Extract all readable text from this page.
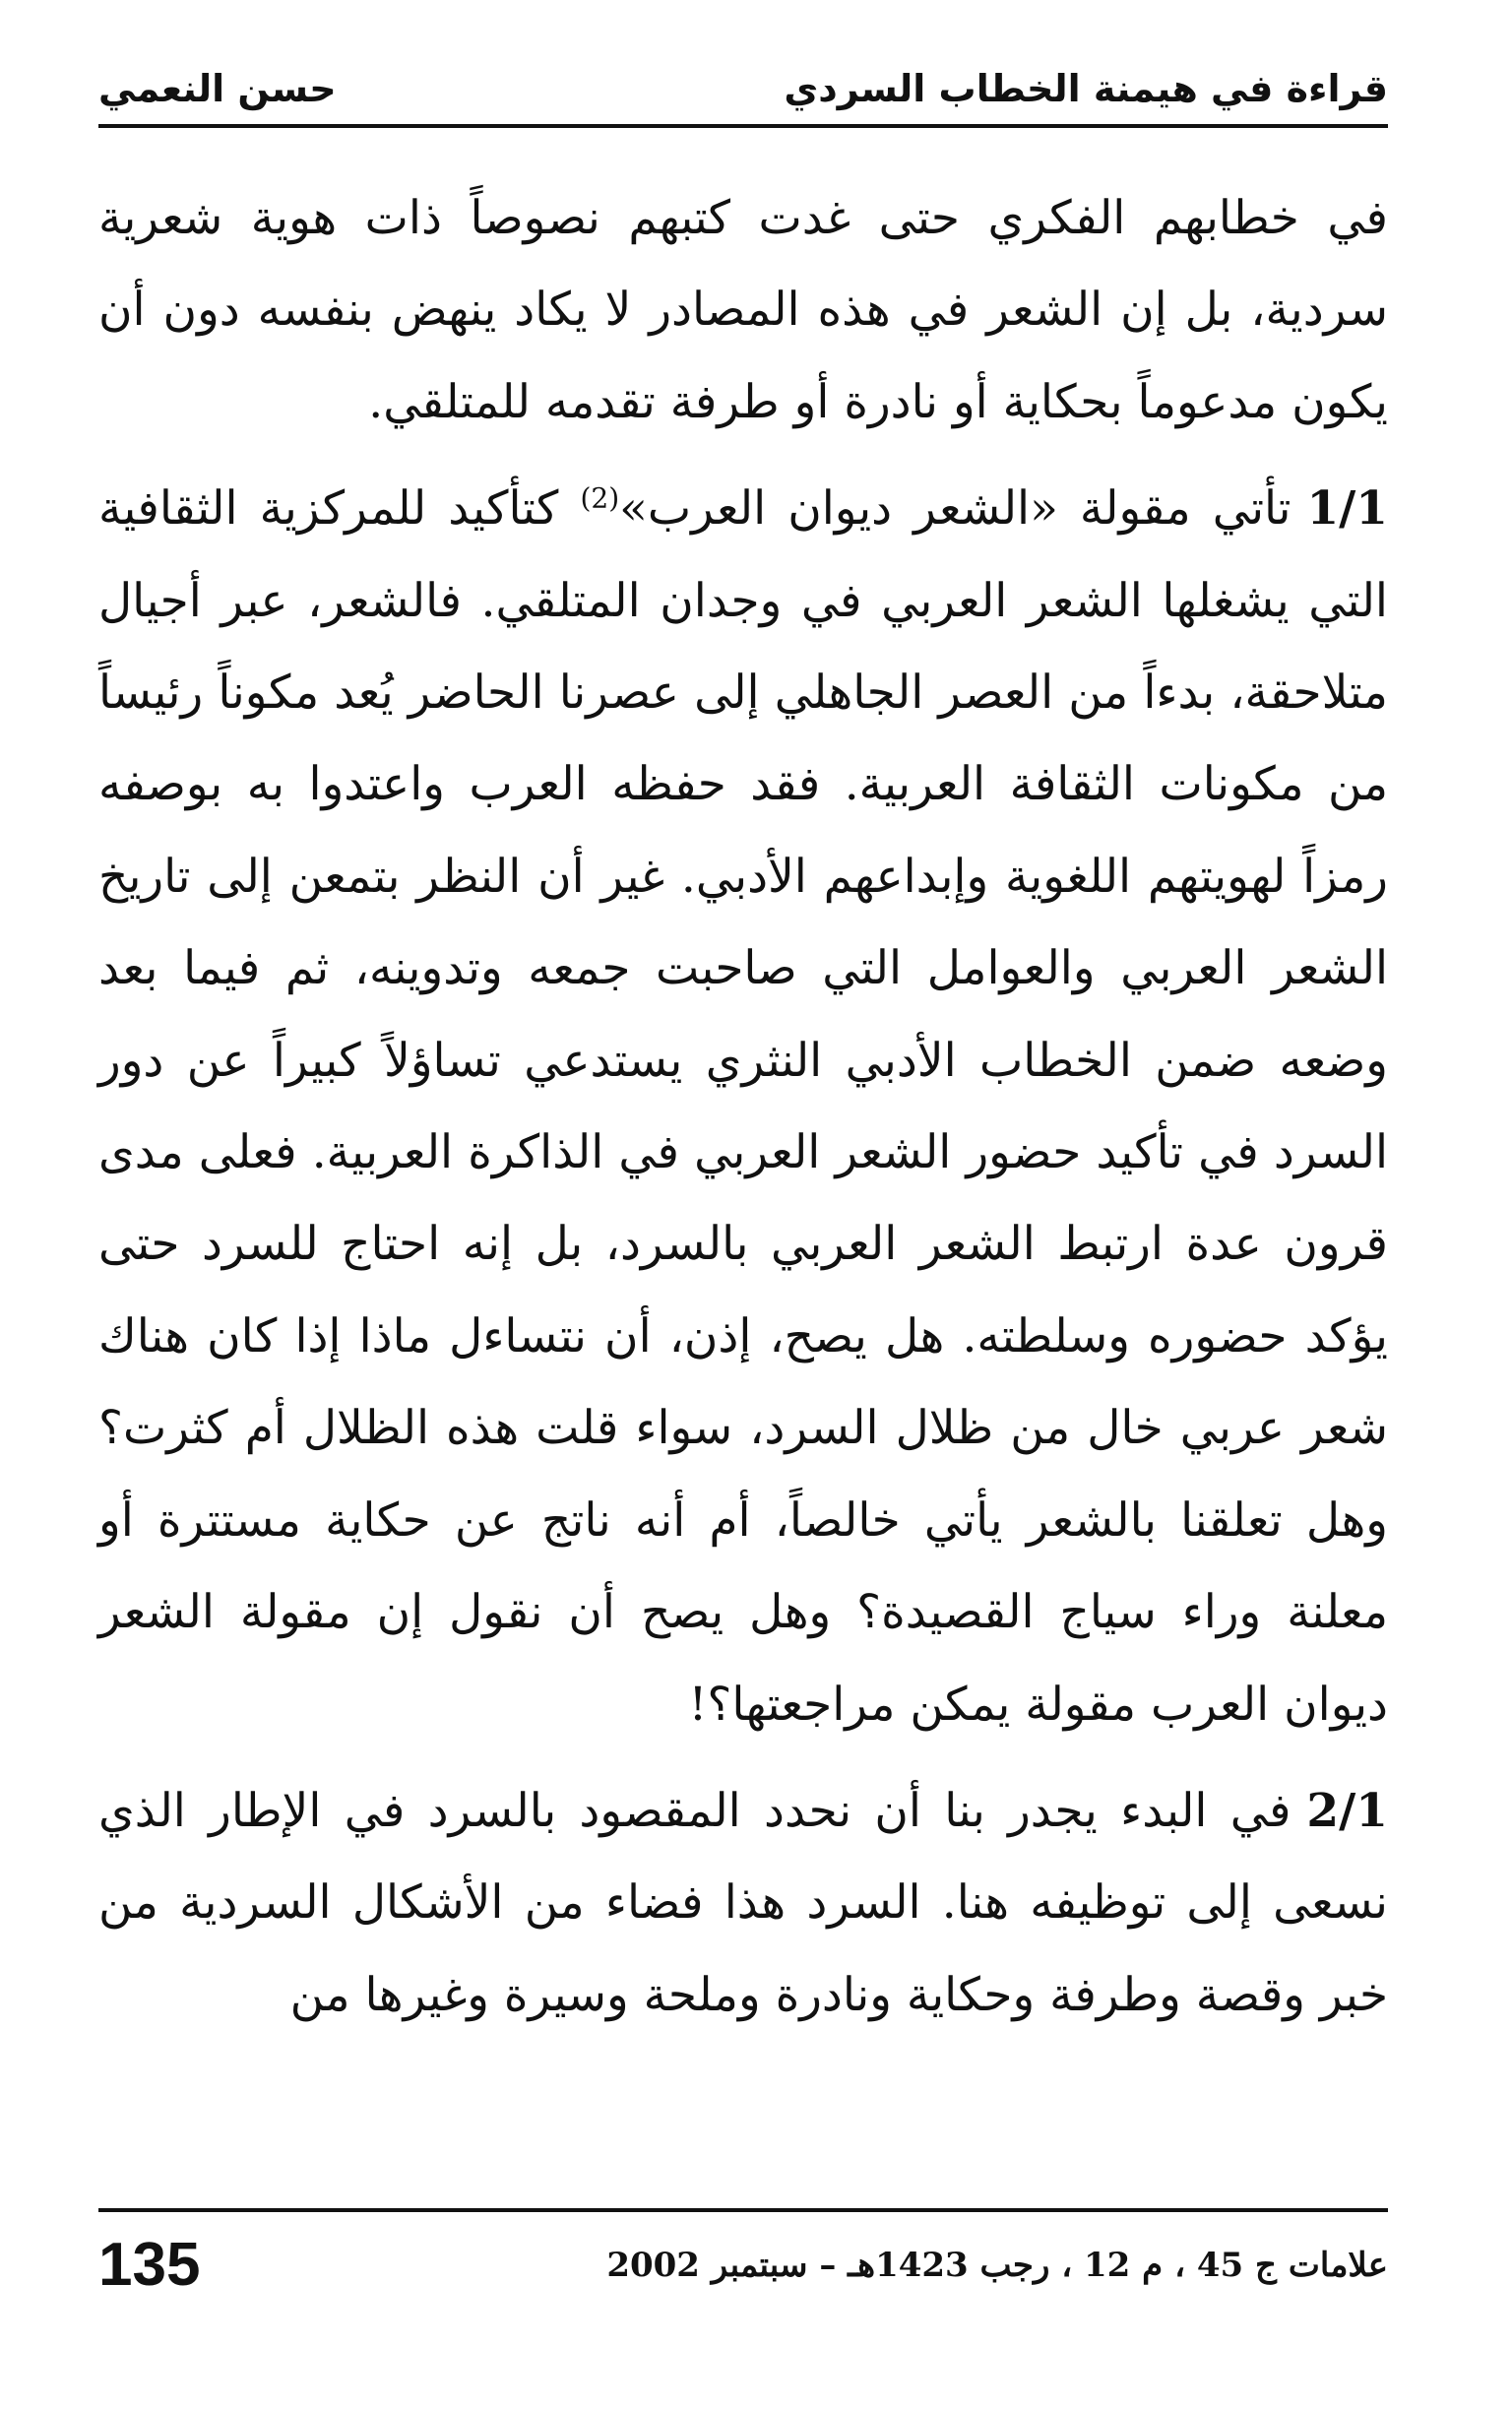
قراءة في هيمنة الخطاب السردي
حسن النعمي

في خطابهم الفكري حتى غدت كتبهم نصوصاً ذات هوية شعرية سردية، بل إن الشعر في هذه المصادر لا يكاد ينهض بنفسه دون أن يكون مدعوماً بحكاية أو نادرة أو طرفة تقدمه للمتلقي.

1/1تأتي مقولة «الشعر ديوان العرب»$^{(2)}$ كتأكيد للمركزية الثقافية التي يشغلها الشعر العربي في وجدان المتلقي. فالشعر، عبر أجيال متلاحقة، بدءاً من العصر الجاهلي إلى عصرنا الحاضر يُعد مكوناً رئيساً من مكونات الثقافة العربية. فقد حفظه العرب واعتدوا به بوصفه رمزاً لهويتهم اللغوية وإبداعهم الأدبي. غير أن النظر بتمعن إلى تاريخ الشعر العربي والعوامل التي صاحبت جمعه وتدوينه، ثم فيما بعد وضعه ضمن الخطاب الأدبي النثري يستدعي تساؤلاً كبيراً عن دور السرد في تأكيد حضور الشعر العربي في الذاكرة العربية. فعلى مدى قرون عدة ارتبط الشعر العربي بالسرد، بل إنه احتاج للسرد حتى يؤكد حضوره وسلطته. هل يصح، إذن، أن نتساءل ماذا إذا كان هناك شعر عربي خال من ظلال السرد، سواء قلت هذه الظلال أم كثرت؟ وهل تعلقنا بالشعر يأتي خالصاً، أم أنه ناتج عن حكاية مستترة أو معلنة وراء سياج القصيدة؟ وهل يصح أن نقول إن مقولة الشعر ديوان العرب مقولة يمكن مراجعتها؟!

2/1في البدء يجدر بنا أن نحدد المقصود بالسرد في الإطار الذي نسعى إلى توظيفه هنا. السرد هذا فضاء من الأشكال السردية من خبر وقصة وطرفة وحكاية ونادرة وملحة وسيرة وغيرها من

علامات ج 45 ، م 12 ، رجب 1423هـ – سبتمبر 2002
135
